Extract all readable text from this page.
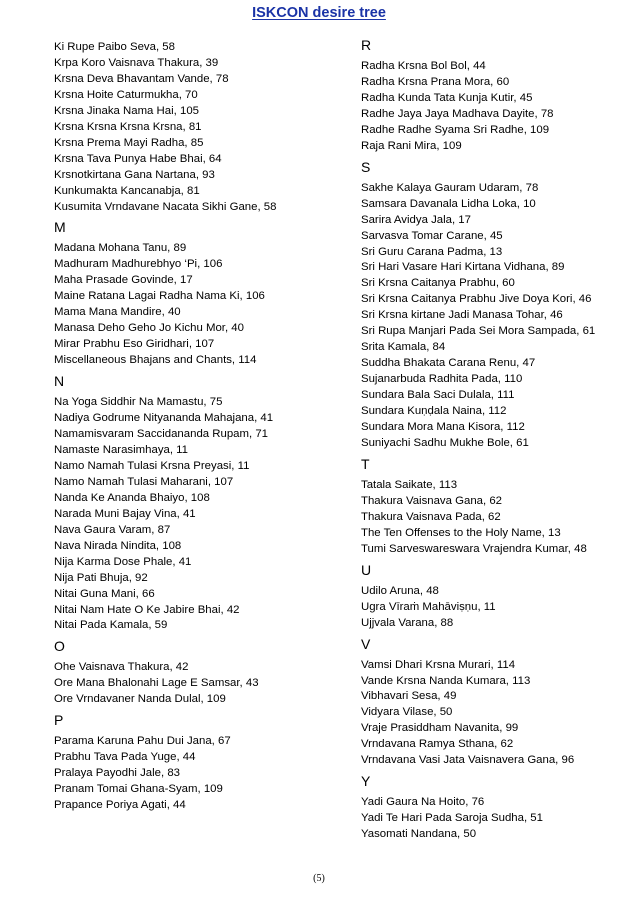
ISKCON desire tree
Ki Rupe Paibo Seva, 58
Krpa Koro Vaisnava Thakura, 39
Krsna Deva Bhavantam Vande, 78
Krsna Hoite Caturmukha, 70
Krsna Jinaka Nama Hai, 105
Krsna Krsna Krsna Krsna, 81
Krsna Prema Mayi Radha, 85
Krsna Tava Punya Habe Bhai, 64
Krsnotkirtana Gana Nartana, 93
Kunkumakta Kancanabja, 81
Kusumita Vrndavane Nacata Sikhi Gane, 58
M
Madana Mohana Tanu, 89
Madhuram Madhurebhyo ‘Pi, 106
Maha Prasade Govinde, 17
Maine Ratana Lagai Radha Nama Ki, 106
Mama Mana Mandire, 40
Manasa Deho Geho Jo Kichu Mor, 40
Mirar Prabhu Eso Giridhari, 107
Miscellaneous Bhajans and Chants, 114
N
Na Yoga Siddhir Na Mamastu, 75
Nadiya Godrume Nityananda Mahajana, 41
Namamisvaram Saccidananda Rupam, 71
Namaste Narasimhaya, 11
Namo Namah Tulasi Krsna Preyasi, 11
Namo Namah Tulasi Maharani, 107
Nanda Ke Ananda Bhaiyo, 108
Narada Muni Bajay Vina, 41
Nava Gaura Varam, 87
Nava Nirada Nindita, 108
Nija Karma Dose Phale, 41
Nija Pati Bhuja, 92
Nitai Guna Mani, 66
Nitai Nam Hate O Ke Jabire Bhai, 42
Nitai Pada Kamala, 59
O
Ohe Vaisnava Thakura, 42
Ore Mana Bhalonahi Lage E Samsar, 43
Ore Vrndavaner Nanda Dulal, 109
P
Parama Karuna Pahu Dui Jana, 67
Prabhu Tava Pada Yuge, 44
Pralaya Payodhi Jale, 83
Pranam Tomai Ghana-Syam, 109
Prapance Poriya Agati, 44
R
Radha Krsna Bol Bol, 44
Radha Krsna Prana Mora, 60
Radha Kunda Tata Kunja Kutir, 45
Radhe Jaya Jaya Madhava Dayite, 78
Radhe Radhe Syama Sri Radhe, 109
Raja Rani Mira, 109
S
Sakhe Kalaya Gauram Udaram, 78
Samsara Davanala Lidha Loka, 10
Sarira Avidya Jala, 17
Sarvasva Tomar Carane, 45
Sri Guru Carana Padma, 13
Sri Hari Vasare Hari Kirtana Vidhana, 89
Sri Krsna Caitanya Prabhu, 60
Sri Krsna Caitanya Prabhu Jive Doya Kori, 46
Sri Krsna kirtane Jadi Manasa Tohar, 46
Sri Rupa Manjari Pada Sei Mora Sampada, 61
Srita Kamala, 84
Suddha Bhakata Carana Renu, 47
Sujanarbuda Radhita Pada, 110
Sundara Bala Saci Dulala, 111
Sundara Kuṇḍala Naina, 112
Sundara Mora Mana Kisora, 112
Suniyachi Sadhu Mukhe Bole, 61
T
Tatala Saikate, 113
Thakura Vaisnava Gana, 62
Thakura Vaisnava Pada, 62
The Ten Offenses to the Holy Name, 13
Tumi Sarveswareswara Vrajendra Kumar, 48
U
Udilo Aruna, 48
Ugra Vīraṁ Mahāviṣṇu, 11
Ujjvala Varana, 88
V
Vamsi Dhari Krsna Murari, 114
Vande Krsna Nanda Kumara, 113
Vibhavari Sesa, 49
Vidyara Vilase, 50
Vraje Prasiddham Navanita, 99
Vrndavana Ramya Sthana, 62
Vrndavana Vasi Jata Vaisnavera Gana, 96
Y
Yadi Gaura Na Hoito, 76
Yadi Te Hari Pada Saroja Sudha, 51
Yasomati Nandana, 50
(5)
